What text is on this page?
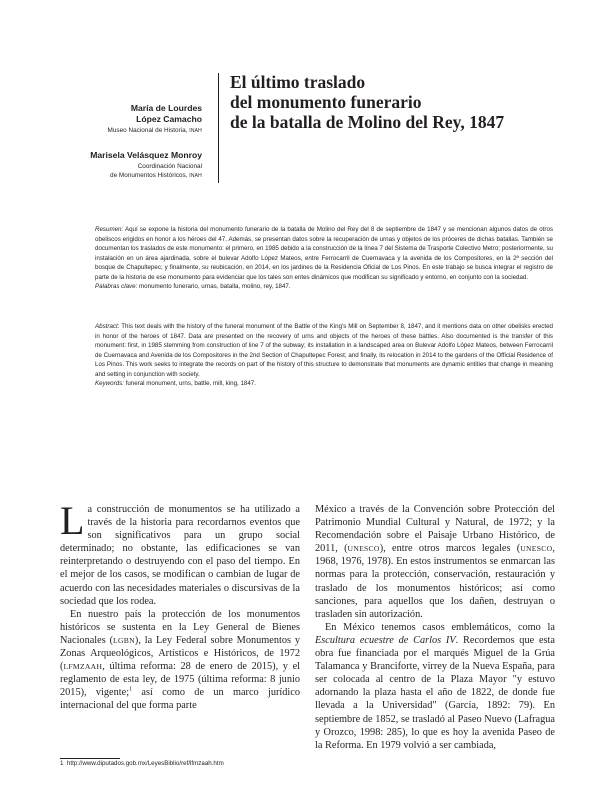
María de Lourdes
López Camacho
Museo Nacional de Historia, INAH
Marisela Velásquez Monroy
Coordinación Nacional
de Monumentos Históricos, INAH
El último traslado
del monumento funerario
de la batalla de Molino del Rey, 1847

Resumen: Aquí se expone la historia del monumento funerario de la batalla de Molino del Rey del 8 de septiembre de 1847 y se mencionan algunos datos de otros obeliscos erigidos en honor a los héroes del 47. Además, se presentan datos sobre la recuperación de urnas y objetos de los próceres de dichas batallas. También se documentan los traslados de este monumento: el primero, en 1985 debido a la construcción de la línea 7 del Sistema de Trasporte Colectivo Metro; posteriormente, su instalación en un área ajardinada, sobre el bulevar Adolfo López Mateos, entre Ferrocarril de Cuernavaca y la avenida de los Compositores, en la 2ª sección del bosque de Chapultepec; y finalmente, su reubicación, en 2014, en los jardines de la Residencia Oficial de Los Pinos. En este trabajo se busca integrar el registro de parte de la historia de ese monumento para evidenciar que los tales son entes dinámicos que modifican su significado y entorno, en conjunto con la sociedad.

Palabras clave: monumento funerario, urnas, batalla, molino, rey, 1847.

Abstract: This text deals with the history of the funeral monument of the Battle of the King's Mill on September 8, 1847, and it mentions data on other obelisks erected in honor of the heroes of 1847. Data are presented on the recovery of urns and objects of the heroes of these battles. Also documented is the transfer of this monument: first, in 1985 stemming from construction of line 7 of the subway; its installation in a landscaped area on Bulevar Adolfo López Mateos, between Ferrocarril de Cuernavaca and Avenida de los Compositores in the 2nd Section of Chapultepec Forest; and finally, its relocation in 2014 to the gardens of the Official Residence of Los Pinos. This work seeks to integrate the records on part of the history of this structure to demonstrate that monuments are dynamic entities that change in meaning and setting in conjunction with society.

Keywords: funeral monument, urns, battle, mill, king, 1847.

La construcción de monumentos se ha utilizado a través de la historia para recordarnos eventos que son significativos para un grupo social determinado; no obstante, las edificaciones se van reinterpretando o destruyendo con el paso del tiempo. En el mejor de los casos, se modifican o cambian de lugar de acuerdo con las necesidades materiales o discursivas de la sociedad que los rodea.

En nuestro país la protección de los monumentos históricos se sustenta en la Ley General de Bienes Nacionales (LGBN), la Ley Federal sobre Monumentos y Zonas Arqueológicos, Artísticos e Históricos, de 1972 (LFMZAAH, última reforma: 28 de enero de 2015), y el reglamento de esta ley, de 1975 (última reforma: 8 junio 2015), vigente;$^1$ así como de un marco jurídico internacional del que forma parte

México a través de la Convención sobre Protección del Patrimonio Mundial Cultural y Natural, de 1972; y la Recomendación sobre el Paisaje Urbano Histórico, de 2011, (UNESCO), entre otros marcos legales (UNESCO, 1968, 1976, 1978). En estos instrumentos se enmarcan las normas para la protección, conservación, restauración y traslado de los monumentos históricos; así como sanciones, para aquellos que los dañen, destruyan o trasladen sin autorización.

En México tenemos casos emblemáticos, como la Escultura ecuestre de Carlos IV. Recordemos que esta obra fue financiada por el marqués Miguel de la Grúa Talamanca y Branciforte, virrey de la Nueva España, para ser colocada al centro de la Plaza Mayor "y estuvo adornando la plaza hasta el año de 1822, de donde fue llevada a la Universidad" (García, 1892: 79). En septiembre de 1852, se trasladó al Paseo Nuevo (Lafragua y Orozco, 1998: 285), lo que es hoy la avenida Paseo de la Reforma. En 1979 volvió a ser cambiada,

1 http://www.diputados.gob.mx/LeyesBiblio/ref/lfmzaah.htm
